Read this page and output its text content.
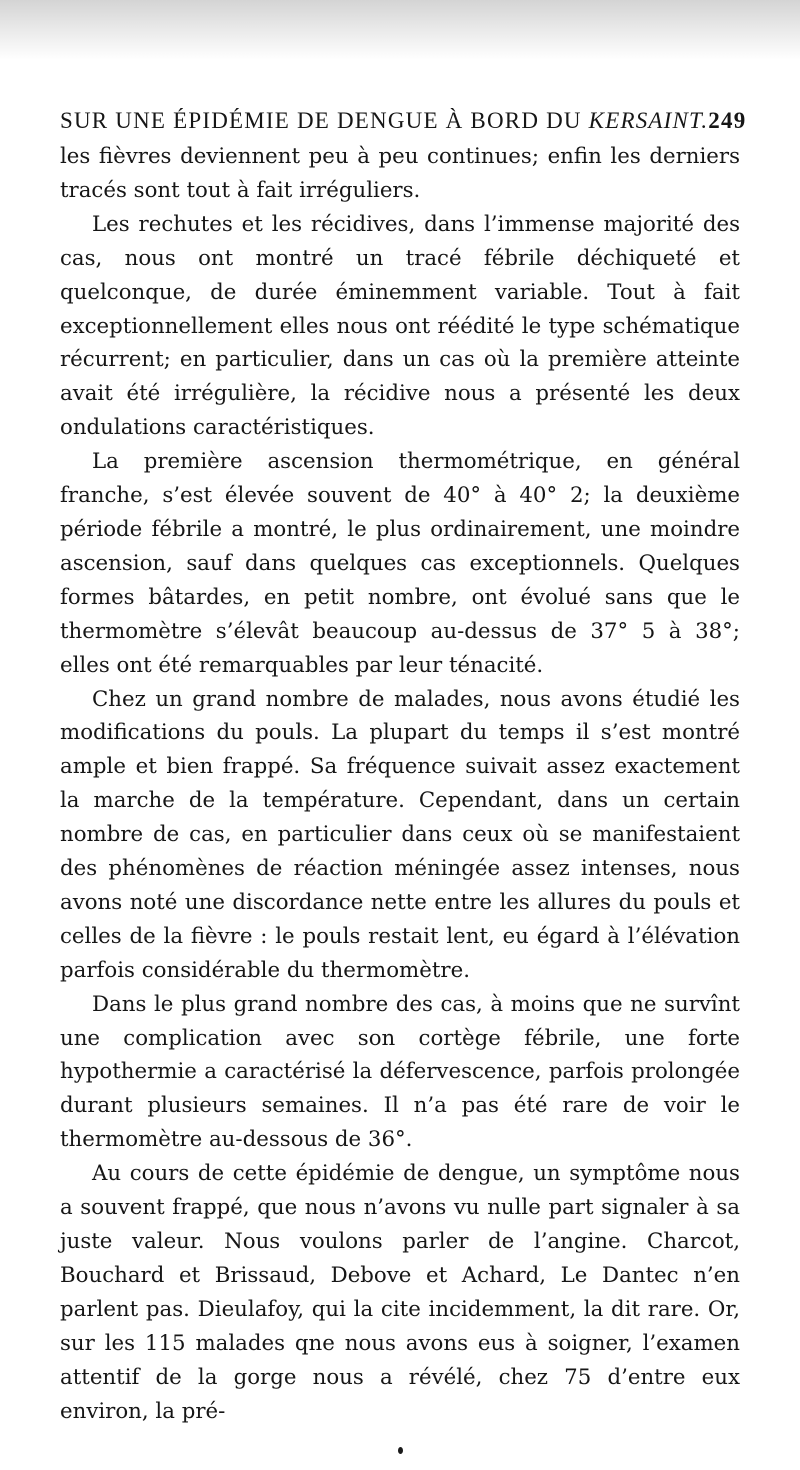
SUR UNE ÉPIDÉMIE DE DENGUE À BORD DU KERSAINT. 249

les fièvres deviennent peu à peu continues; enfin les derniers tracés sont tout à fait irréguliers.

Les rechutes et les récidives, dans l’immense majorité des cas, nous ont montré un tracé fébrile déchiqueté et quelconque, de durée éminemment variable. Tout à fait exceptionnellement elles nous ont réédité le type schématique récurrent; en particulier, dans un cas où la première atteinte avait été irrégulière, la récidive nous a présenté les deux ondulations caractéristiques.

La première ascension thermométrique, en général franche, s’est élevée souvent de 40° à 40° 2; la deuxième période fébrile a montré, le plus ordinairement, une moindre ascension, sauf dans quelques cas exceptionnels. Quelques formes bâtardes, en petit nombre, ont évolué sans que le thermomètre s’élevât beaucoup au-dessus de 37° 5 à 38°; elles ont été remarquables par leur ténacité.

Chez un grand nombre de malades, nous avons étudié les modifications du pouls. La plupart du temps il s’est montré ample et bien frappé. Sa fréquence suivait assez exactement la marche de la température. Cependant, dans un certain nombre de cas, en particulier dans ceux où se manifestaient des phénomènes de réaction méningée assez intenses, nous avons noté une discordance nette entre les allures du pouls et celles de la fièvre : le pouls restait lent, eu égard à l’élévation parfois considérable du thermomètre.

Dans le plus grand nombre des cas, à moins que ne survînt une complication avec son cortège fébrile, une forte hypothermie a caractérisé la défervescence, parfois prolongée durant plusieurs semaines. Il n’a pas été rare de voir le thermomètre au-dessous de 36°.

Au cours de cette épidémie de dengue, un symptôme nous a souvent frappé, que nous n’avons vu nulle part signaler à sa juste valeur. Nous voulons parler de l’angine. Charcot, Bouchard et Brissaud, Debove et Achard, Le Dantec n’en parlent pas. Dieulafoy, qui la cite incidemment, la dit rare. Or, sur les 115 malades qne nous avons eus à soigner, l’examen attentif de la gorge nous a révélé, chez 75 d’entre eux environ, la pré-
